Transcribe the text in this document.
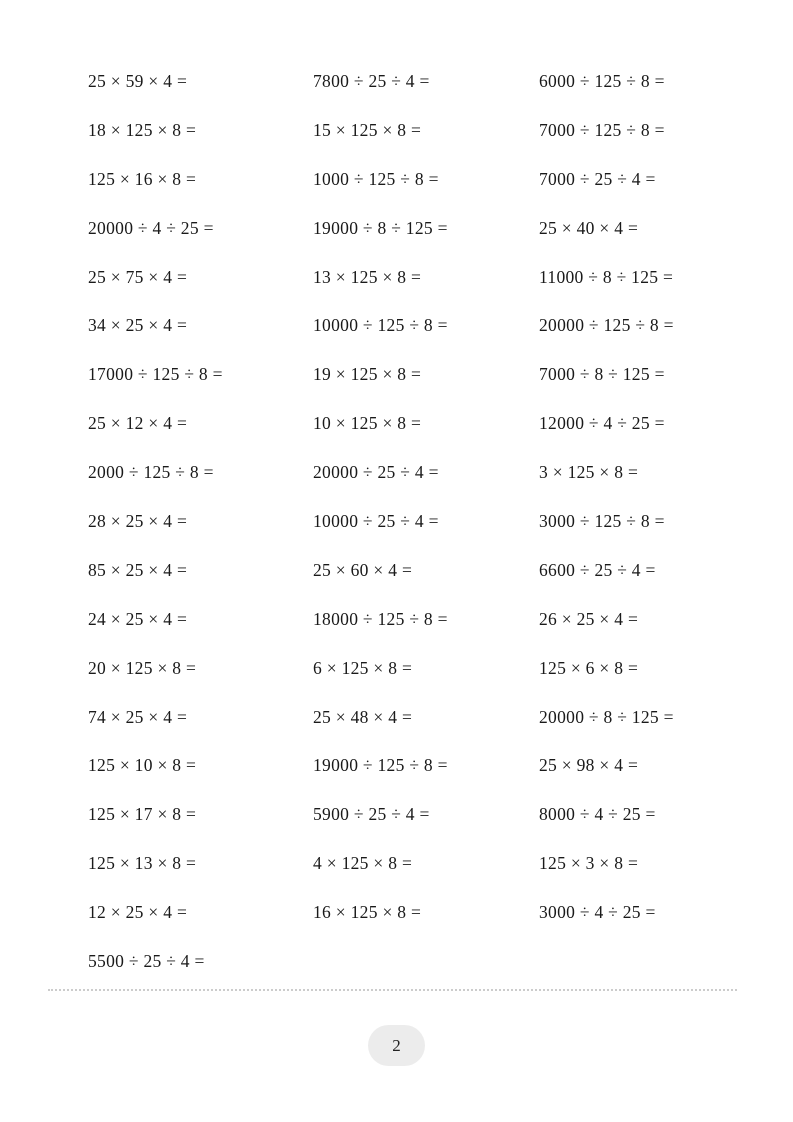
25 × 59 × 4 =	7800 ÷ 25 ÷ 4 =	6000 ÷ 125 ÷ 8 =
18 × 125 × 8 =	15 × 125 × 8 =	7000 ÷ 125 ÷ 8 =
125 × 16 × 8 =	1000 ÷ 125 ÷ 8 =	7000 ÷ 25 ÷ 4 =
20000 ÷ 4 ÷ 25 =	19000 ÷ 8 ÷ 125 =	25 × 40 × 4 =
25 × 75 × 4 =	13 × 125 × 8 =	11000 ÷ 8 ÷ 125 =
34 × 25 × 4 =	10000 ÷ 125 ÷ 8 =	20000 ÷ 125 ÷ 8 =
17000 ÷ 125 ÷ 8 =	19 × 125 × 8 =	7000 ÷ 8 ÷ 125 =
25 × 12 × 4 =	10 × 125 × 8 =	12000 ÷ 4 ÷ 25 =
2000 ÷ 125 ÷ 8 =	20000 ÷ 25 ÷ 4 =	3 × 125 × 8 =
28 × 25 × 4 =	10000 ÷ 25 ÷ 4 =	3000 ÷ 125 ÷ 8 =
85 × 25 × 4 =	25 × 60 × 4 =	6600 ÷ 25 ÷ 4 =
24 × 25 × 4 =	18000 ÷ 125 ÷ 8 =	26 × 25 × 4 =
20 × 125 × 8 =	6 × 125 × 8 =	125 × 6 × 8 =
74 × 25 × 4 =	25 × 48 × 4 =	20000 ÷ 8 ÷ 125 =
125 × 10 × 8 =	19000 ÷ 125 ÷ 8 =	25 × 98 × 4 =
125 × 17 × 8 =	5900 ÷ 25 ÷ 4 =	8000 ÷ 4 ÷ 25 =
125 × 13 × 8 =	4 × 125 × 8 =	125 × 3 × 8 =
12 × 25 × 4 =	16 × 125 × 8 =	3000 ÷ 4 ÷ 25 =
5500 ÷ 25 ÷ 4 =
2
